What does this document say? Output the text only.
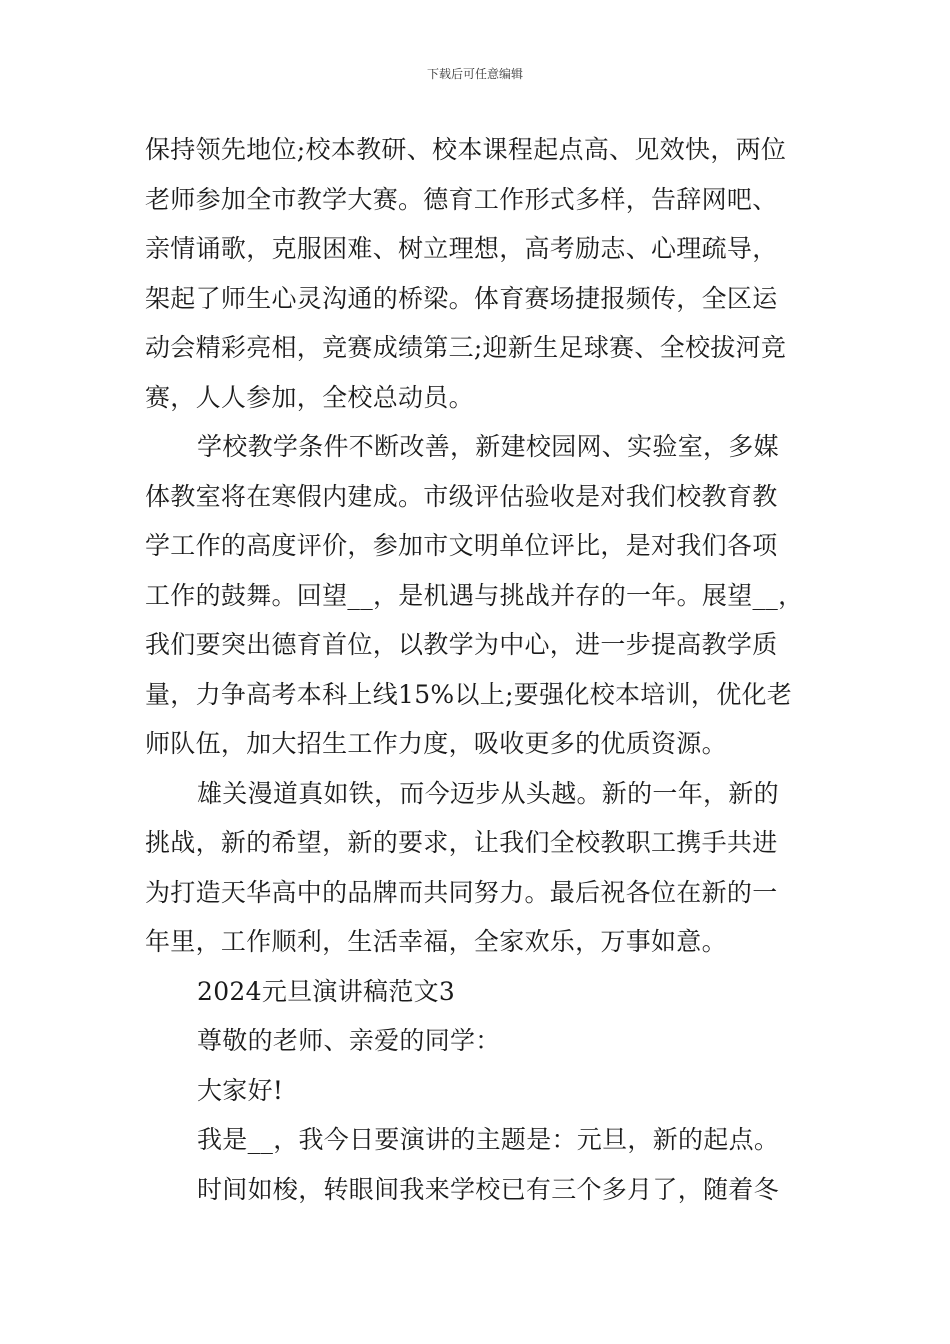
下载后可任意编辑
保持领先地位;校本教研、校本课程起点高、见效快，两位
老师参加全市教学大赛。德育工作形式多样，告辞网吧、
亲情诵歌，克服困难、树立理想，高考励志、心理疏导，
架起了师生心灵沟通的桥梁。体育赛场捷报频传，全区运
动会精彩亮相，竞赛成绩第三;迎新生足球赛、全校拔河竞
赛，人人参加，全校总动员。
学校教学条件不断改善，新建校园网、实验室，多媒
体教室将在寒假内建成。市级评估验收是对我们校教育教
学工作的高度评价，参加市文明单位评比，是对我们各项
工作的鼓舞。回望__，是机遇与挑战并存的一年。展望__，
我们要突出德育首位，以教学为中心，进一步提高教学质
量，力争高考本科上线15%以上;要强化校本培训，优化老
师队伍，加大招生工作力度，吸收更多的优质资源。
雄关漫道真如铁，而今迈步从头越。新的一年，新的
挑战，新的希望，新的要求，让我们全校教职工携手共进
为打造天华高中的品牌而共同努力。最后祝各位在新的一
年里，工作顺利，生活幸福，全家欢乐，万事如意。
2024元旦演讲稿范文3
尊敬的老师、亲爱的同学：
大家好!
我是__，我今日要演讲的主题是：元旦，新的起点。
时间如梭，转眼间我来学校已有三个多月了，随着冬
